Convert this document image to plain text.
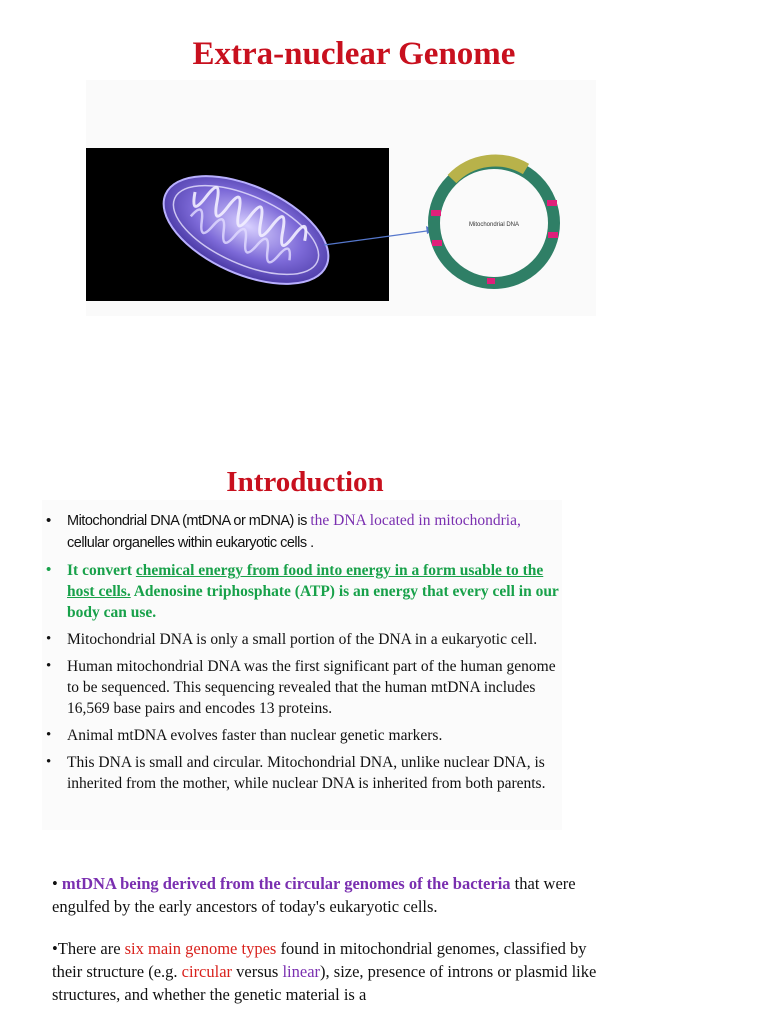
Extra-nuclear Genome
Mitochondrial DNA
Introduction
• Mitochondrial DNA (mtDNA or mDNA) is the DNA located in mitochondria,
cellular organelles within eukaryotic cells .
• It convert chemical energy from food into energy in a form usable to the host cells. Adenosine triphosphate (ATP) is an energy that every cell in our body can use.
• Mitochondrial DNA is only a small portion of the DNA in a eukaryotic cell.
• Human mitochondrial DNA was the first significant part of the human genome to be sequenced. This sequencing revealed that the human mtDNA includes 16,569 base pairs and encodes 13 proteins.
• Animal mtDNA evolves faster than nuclear genetic markers.
• This DNA is small and circular. Mitochondrial DNA, unlike nuclear DNA, is inherited from the mother, while nuclear DNA is inherited from both parents.

• mtDNA being derived from the circular genomes of the bacteria that were engulfed by the early ancestors of today's eukaryotic cells.

•There are six main genome types found in mitochondrial genomes, classified by their structure (e.g. circular versus linear), size, presence of introns or plasmid like structures, and whether the genetic material is a
